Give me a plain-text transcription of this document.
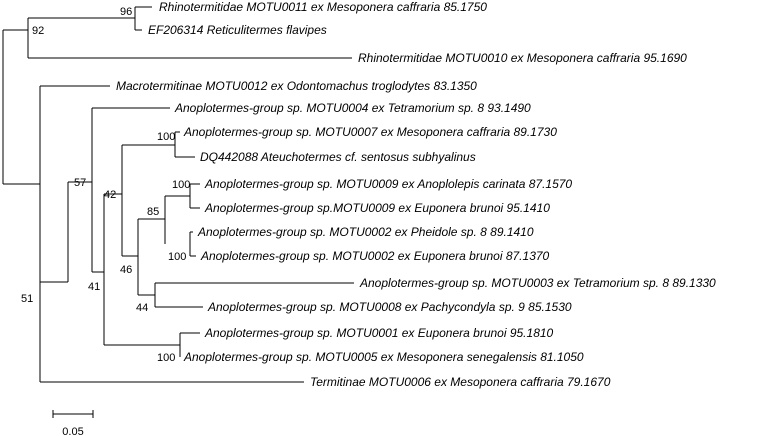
Rhinotermitidae MOTU0011 ex Mesoponera caffraria 85.1750
EF206314 Reticulitermes flavipes
Rhinotermitidae MOTU0010 ex Mesoponera caffraria 95.1690
Macrotermitinae MOTU0012 ex Odontomachus troglodytes 83.1350
Anoplotermes-group sp. MOTU0004 ex Tetramorium sp. 8 93.1490
Anoplotermes-group sp. MOTU0007 ex Mesoponera caffraria 89.1730
DQ442088 Ateuchotermes cf. sentosus subhyalinus
Anoplotermes-group sp. MOTU0009 ex Anoplolepis carinata 87.1570
Anoplotermes-group sp.MOTU0009 ex Euponera brunoi 95.1410
Anoplotermes-group sp. MOTU0002 ex Pheidole sp. 8 89.1410
Anoplotermes-group sp. MOTU0002 ex Euponera brunoi 87.1370
Anoplotermes-group sp. MOTU0003 ex Tetramorium sp. 8 89.1330
Anoplotermes-group sp. MOTU0008 ex Pachycondyla sp. 9 85.1530
Anoplotermes-group sp. MOTU0001 ex Euponera brunoi 95.1810
Anoplotermes-group sp. MOTU0005 ex Mesoponera senegalensis 81.1050
Termitinae MOTU0006 ex Mesoponera caffraria 79.1670
96
92
100
57	100
42
85
100
46
41
51
44
100
0.05
